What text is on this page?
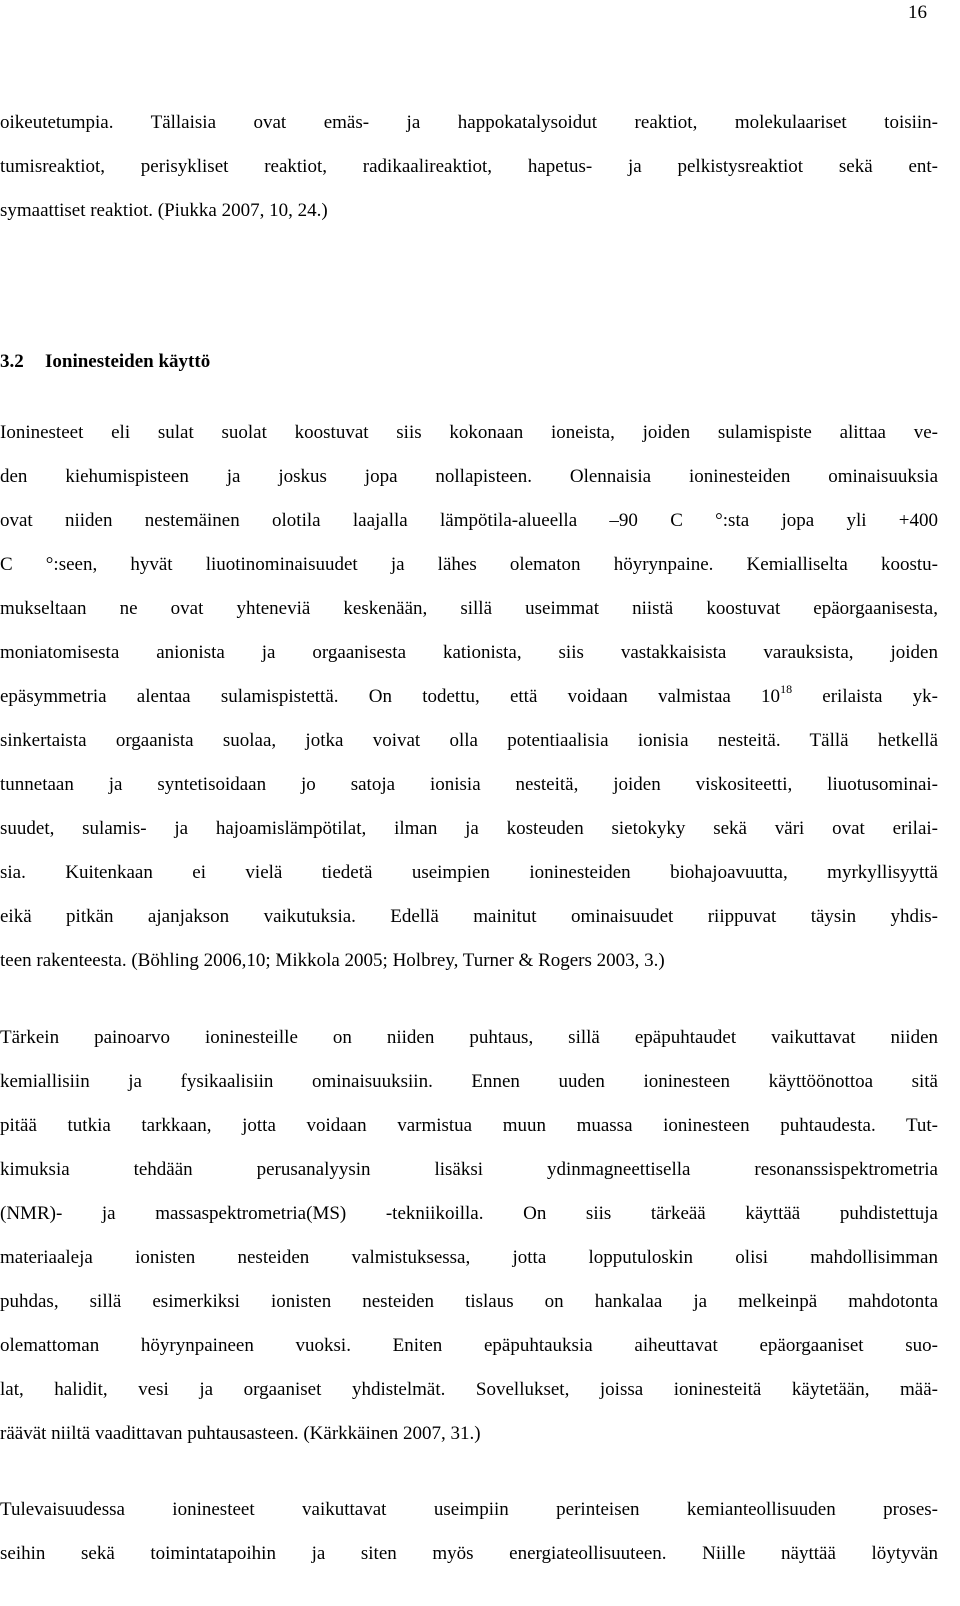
16
oikeutetumpia. Tällaisia ovat emäs- ja happokatalysoidut reaktiot, molekulaariset toisiin-
tumisreaktiot, perisykliset reaktiot, radikaalireaktiot, hapetus- ja pelkistysreaktiot sekä ent-
symaattiset reaktiot. (Piukka 2007, 10, 24.)
3.2 Ioninesteiden käyttö
Ioninesteet eli sulat suolat koostuvat siis kokonaan ioneista, joiden sulamispiste alittaa ve-
den kiehumispisteen ja joskus jopa nollapisteen. Olennaisia ioninesteiden ominaisuuksia
ovat niiden nestemäinen olotila laajalla lämpötila-alueella –90 C °:sta jopa yli +400
C °:seen, hyvät liuotinominaisuudet ja lähes olematon höyrynpaine. Kemialliselta koostu-
mukseltaan ne ovat yhteneviä keskenään, sillä useimmat niistä koostuvat epäorgaanisesta,
moniatomisesta anionista ja orgaanisesta kationista, siis vastakkaisista varauksista, joiden
epäsymmetria alentaa sulamispistettä. On todettu, että voidaan valmistaa $10^{18}$ erilaista yk-
sinkertaista orgaanista suolaa, jotka voivat olla potentiaalisia ionisia nesteitä. Tällä hetkellä
tunnetaan ja syntetisoidaan jo satoja ionisia nesteitä, joiden viskositeetti, liuotusominai-
suudet, sulamis- ja hajoamislämpötilat, ilman ja kosteuden sietokyky sekä väri ovat erilai-
sia. Kuitenkaan ei vielä tiedetä useimpien ioninesteiden biohajoavuutta, myrkyllisyyttä
eikä pitkän ajanjakson vaikutuksia. Edellä mainitut ominaisuudet riippuvat täysin yhdis-
teen rakenteesta. (Böhling 2006,10; Mikkola 2005; Holbrey, Turner & Rogers 2003, 3.)
Tärkein painoarvo ioninesteille on niiden puhtaus, sillä epäpuhtaudet vaikuttavat niiden
kemiallisiin ja fysikaalisiin ominaisuuksiin. Ennen uuden ioninesteen käyttöönottoa sitä
pitää tutkia tarkkaan, jotta voidaan varmistua muun muassa ioninesteen puhtaudesta. Tut-
kimuksia tehdään perusanalyysin lisäksi ydinmagneettisella resonanssispektrometria
(NMR)- ja massaspektrometria(MS) -tekniikoilla. On siis tärkeää käyttää puhdistettuja
materiaaleja ionisten nesteiden valmistuksessa, jotta lopputuloskin olisi mahdollisimman
puhdas, sillä esimerkiksi ionisten nesteiden tislaus on hankalaa ja melkeinpä mahdotonta
olemattoman höyrynpaineen vuoksi. Eniten epäpuhtauksia aiheuttavat epäorgaaniset suo-
lat, halidit, vesi ja orgaaniset yhdistelmät. Sovellukset, joissa ioninesteitä käytetään, mää-
räävät niiltä vaadittavan puhtausasteen. (Kärkkäinen 2007, 31.)
Tulevaisuudessa ioninesteet vaikuttavat useimpiin perinteisen kemianteollisuuden proses-
seihin sekä toimintatapoihin ja siten myös energiateollisuuteen. Niille näyttää löytyvän
